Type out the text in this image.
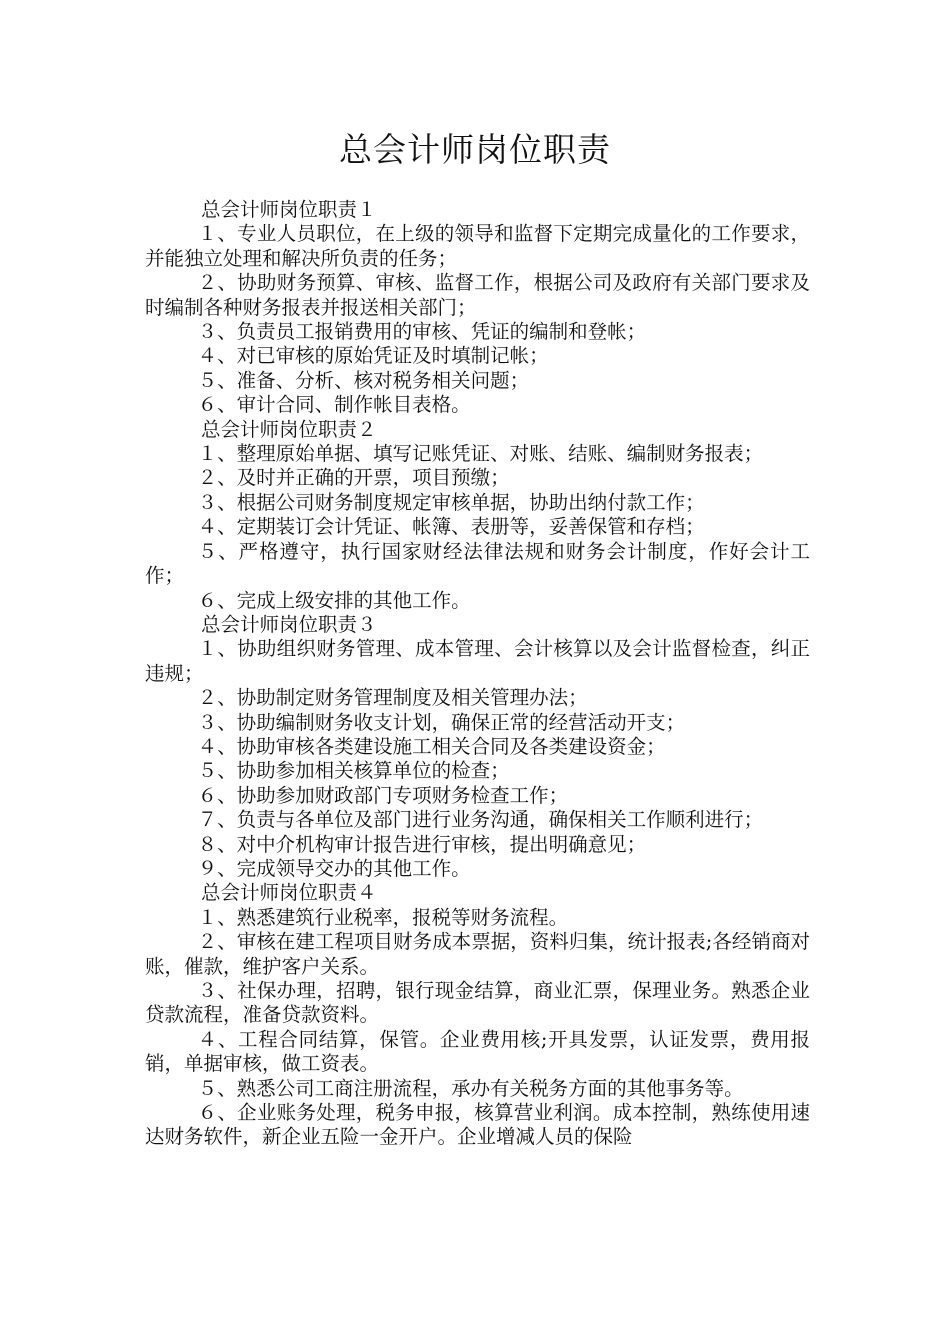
总会计师岗位职责

总会计师岗位职责１

１、专业人员职位，在上级的领导和监督下定期完成量化的工作要求，并能独立处理和解决所负责的任务；

２、协助财务预算、审核、监督工作，根据公司及政府有关部门要求及时编制各种财务报表并报送相关部门；

３、负责员工报销费用的审核、凭证的编制和登帐；

４、对已审核的原始凭证及时填制记帐；

５、准备、分析、核对税务相关问题；

６、审计合同、制作帐目表格。

总会计师岗位职责２

１、整理原始单据、填写记账凭证、对账、结账、编制财务报表；

２、及时并正确的开票，项目预缴；

３、根据公司财务制度规定审核单据，协助出纳付款工作；

４、定期装订会计凭证、帐簿、表册等，妥善保管和存档；

５、严格遵守，执行国家财经法律法规和财务会计制度，作好会计工作；

６、完成上级安排的其他工作。

总会计师岗位职责３

１、协助组织财务管理、成本管理、会计核算以及会计监督检查，纠正违规；

２、协助制定财务管理制度及相关管理办法；

３、协助编制财务收支计划，确保正常的经营活动开支；

４、协助审核各类建设施工相关合同及各类建设资金；

５、协助参加相关核算单位的检查；

６、协助参加财政部门专项财务检查工作；

７、负责与各单位及部门进行业务沟通，确保相关工作顺利进行；

８、对中介机构审计报告进行审核，提出明确意见；

９、完成领导交办的其他工作。

总会计师岗位职责４

１、熟悉建筑行业税率，报税等财务流程。

２、审核在建工程项目财务成本票据，资料归集，统计报表;各经销商对账，催款，维护客户关系。

３、社保办理，招聘，银行现金结算，商业汇票，保理业务。熟悉企业贷款流程，准备贷款资料。

４、工程合同结算，保管。企业费用核;开具发票，认证发票，费用报销，单据审核，做工资表。

５、熟悉公司工商注册流程，承办有关税务方面的其他事务等。

６、企业账务处理，税务申报，核算营业利润。成本控制，熟练使用速达财务软件，新企业五险一金开户。企业增减人员的保险
